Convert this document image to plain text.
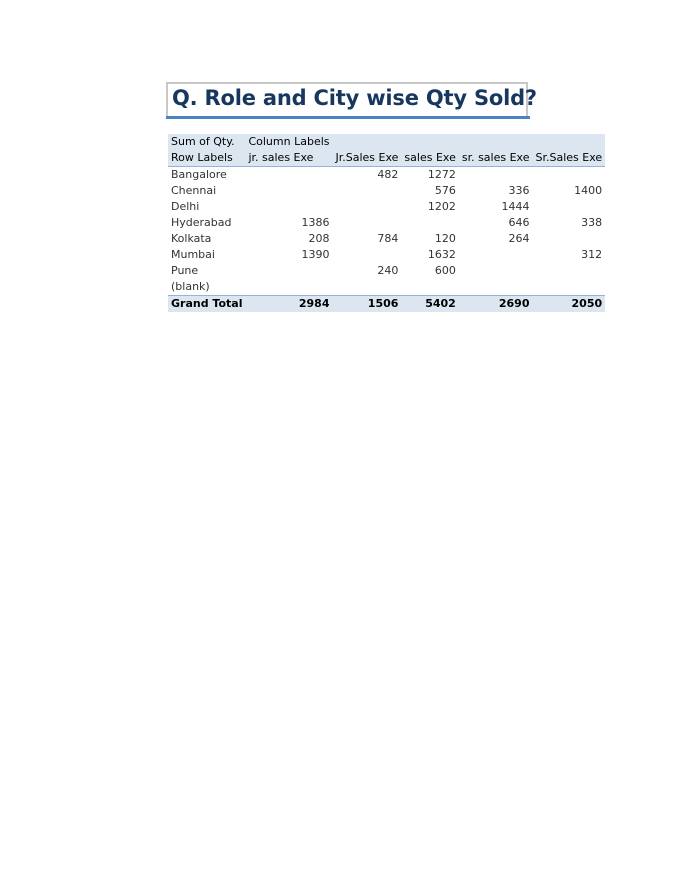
Q. Role and City wise Qty Sold?
Sum of Qty.	Column Labels				
Row Labels	jr. sales Exe	Jr.Sales Exe	sales Exe	sr. sales Exe	Sr.Sales Exe
Bangalore		482	1272		
Chennai			576	336	1400
Delhi			1202	1444	
Hyderabad	1386			646	338
Kolkata	208	784	120	264	
Mumbai	1390		1632		312
Pune		240	600		
(blank)					
Grand Total	2984	1506	5402	2690	2050
